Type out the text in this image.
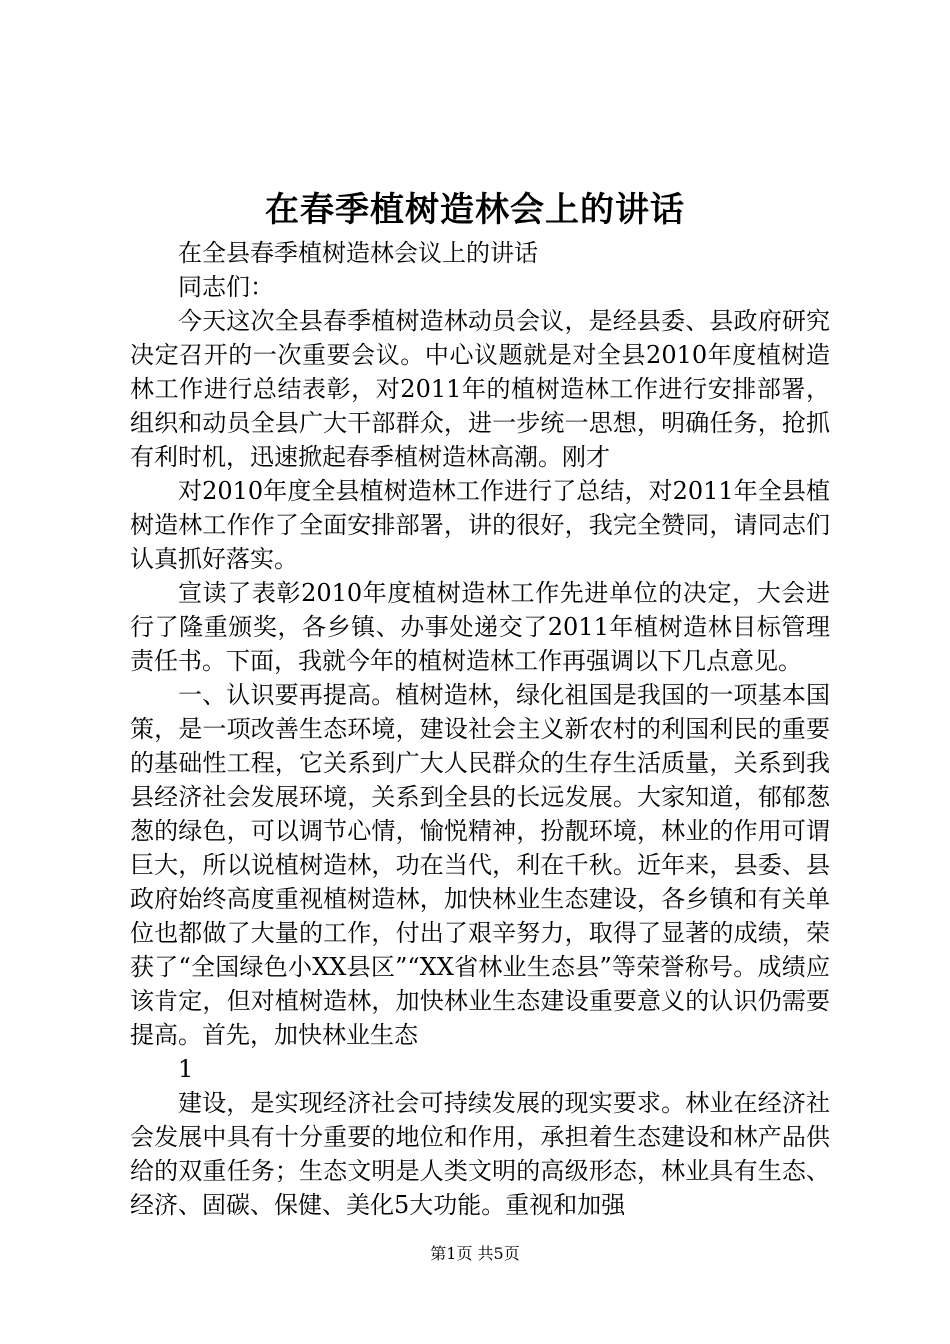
在春季植树造林会上的讲话

在全县春季植树造林会议上的讲话

同志们：

今天这次全县春季植树造林动员会议，是经县委、县政府研究决定召开的一次重要会议。中心议题就是对全县2010年度植树造林工作进行总结表彰，对2011年的植树造林工作进行安排部署，组织和动员全县广大干部群众，进一步统一思想，明确任务，抢抓有利时机，迅速掀起春季植树造林高潮。刚才

对2010年度全县植树造林工作进行了总结，对2011年全县植树造林工作作了全面安排部署，讲的很好，我完全赞同，请同志们认真抓好落实。

宣读了表彰2010年度植树造林工作先进单位的决定，大会进行了隆重颁奖，各乡镇、办事处递交了2011年植树造林目标管理责任书。下面，我就今年的植树造林工作再强调以下几点意见。

一、认识要再提高。植树造林，绿化祖国是我国的一项基本国策，是一项改善生态环境，建设社会主义新农村的利国利民的重要的基础性工程，它关系到广大人民群众的生存生活质量，关系到我县经济社会发展环境，关系到全县的长远发展。大家知道，郁郁葱葱的绿色，可以调节心情，愉悦精神，扮靓环境，林业的作用可谓巨大，所以说植树造林，功在当代，利在千秋。近年来，县委、县政府始终高度重视植树造林，加快林业生态建设，各乡镇和有关单位也都做了大量的工作，付出了艰辛努力，取得了显著的成绩，荣获了“全国绿色小XX县区”“XX省林业生态县”等荣誉称号。成绩应该肯定，但对植树造林，加快林业生态建设重要意义的认识仍需要提高。首先，加快林业生态

1

建设，是实现经济社会可持续发展的现实要求。林业在经济社会发展中具有十分重要的地位和作用，承担着生态建设和林产品供给的双重任务；生态文明是人类文明的高级形态，林业具有生态、经济、固碳、保健、美化5大功能。重视和加强

第1页 共5页
